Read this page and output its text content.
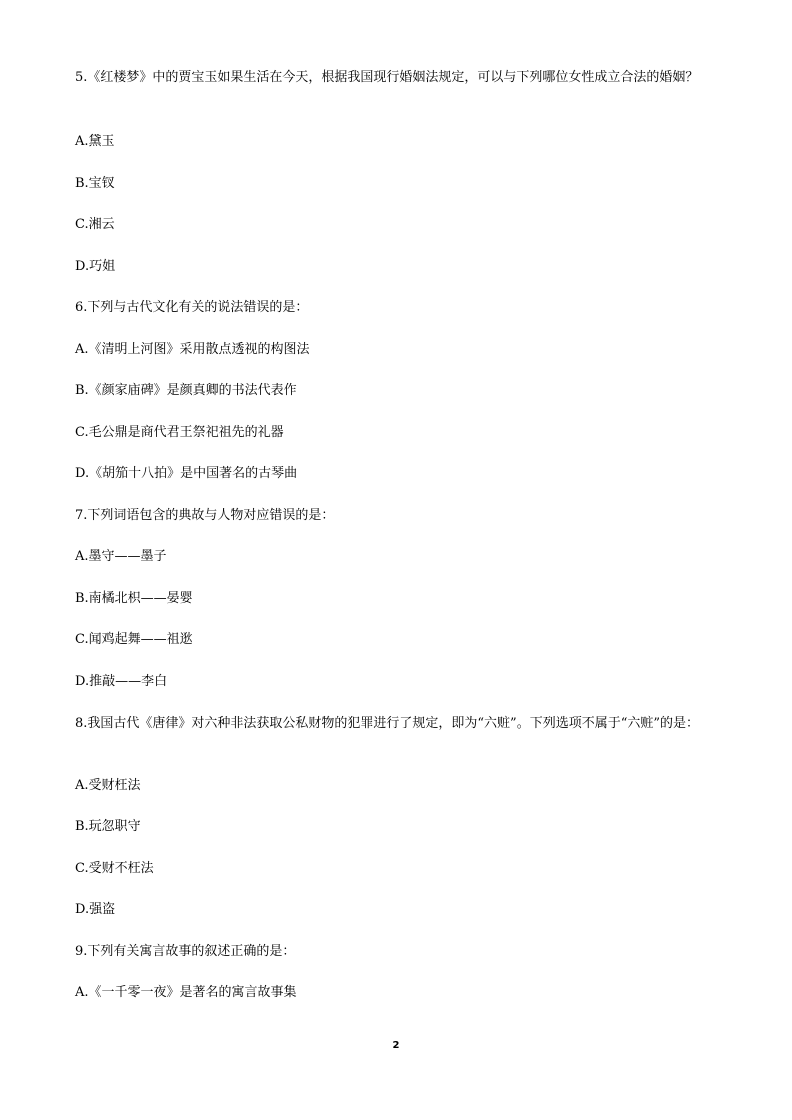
5.《红楼梦》中的贾宝玉如果生活在今天，根据我国现行婚姻法规定，可以与下列哪位女性成立合法的婚姻？
A.黛玉
B.宝钗
C.湘云
D.巧姐
6.下列与古代文化有关的说法错误的是：
A.《清明上河图》采用散点透视的构图法
B.《颜家庙碑》是颜真卿的书法代表作
C.毛公鼎是商代君王祭祀祖先的礼器
D.《胡笳十八拍》是中国著名的古琴曲
7.下列词语包含的典故与人物对应错误的是：
A.墨守——墨子
B.南橘北枳——晏婴
C.闻鸡起舞——祖逖
D.推敲——李白
8.我国古代《唐律》对六种非法获取公私财物的犯罪进行了规定，即为“六赃”。下列选项不属于“六赃”的是：
A.受财枉法
B.玩忽职守
C.受财不枉法
D.强盗
9.下列有关寓言故事的叙述正确的是：
A.《一千零一夜》是著名的寓言故事集
2
